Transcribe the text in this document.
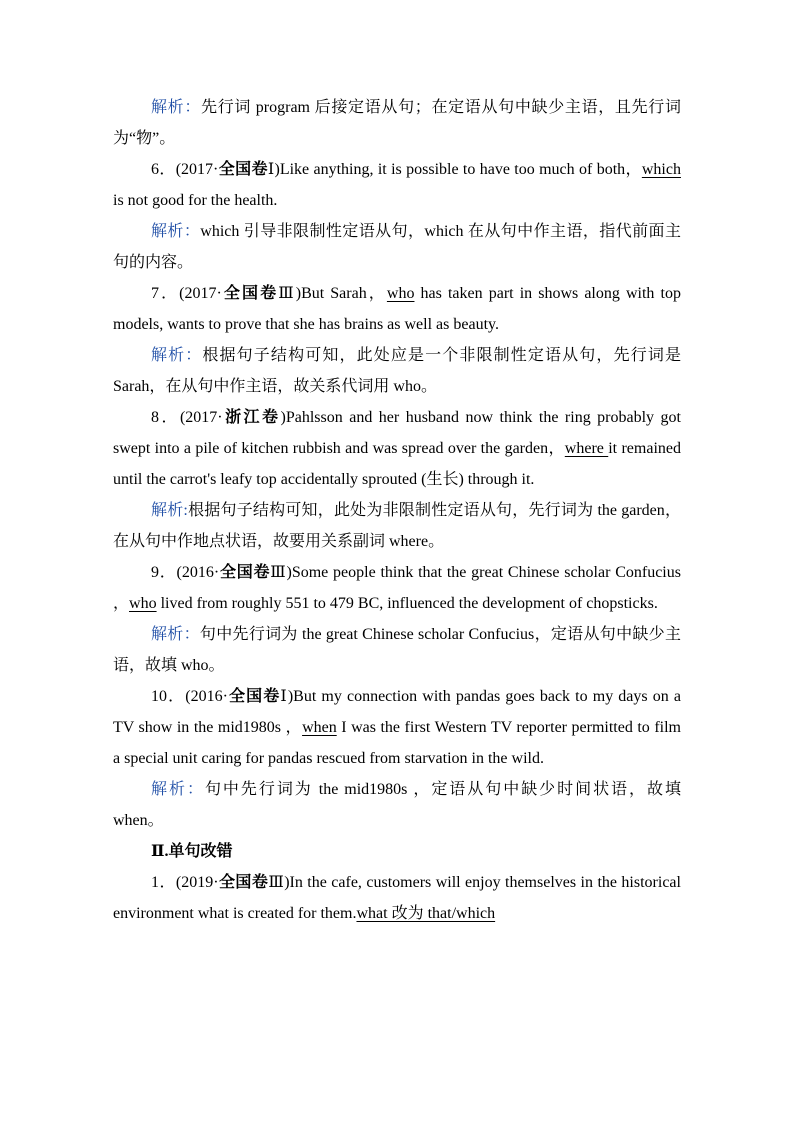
解析：先行词 program 后接定语从句；在定语从句中缺少主语，且先行词为“物”。

6．(2017·全国卷Ⅰ)Like anything, it is possible to have too much of both，which is not good for the health.

解析：which 引导非限制性定语从句，which 在从句中作主语，指代前面主句的内容。

7．(2017·全国卷Ⅲ)But Sarah，who has taken part in shows along with top models, wants to prove that she has brains as well as beauty.

解析：根据句子结构可知，此处应是一个非限制性定语从句，先行词是 Sarah，在从句中作主语，故关系代词用 who。

8．(2017·浙江卷)Pahlsson and her husband now think the ring probably got swept into a pile of kitchen rubbish and was spread over the garden，where it remained until the carrot's leafy top accidentally sprouted (生长) through it.

解析:根据句子结构可知，此处为非限制性定语从句，先行词为 the garden，在从句中作地点状语，故要用关系副词 where。

9．(2016·全国卷Ⅲ)Some people think that the great Chinese scholar Confucius ，who lived from roughly 551 to 479 BC, influenced the development of chopsticks.

解析：句中先行词为 the great Chinese scholar Confucius，定语从句中缺少主语，故填 who。

10．(2016·全国卷Ⅰ)But my connection with pandas goes back to my days on a TV show in the mid1980s ，when I was the first Western TV reporter permitted to film a special unit caring for pandas rescued from starvation in the wild.

解析：句中先行词为 the mid1980s ，定语从句中缺少时间状语，故填 when。

Ⅱ.单句改错

1．(2019·全国卷Ⅲ)In the cafe, customers will enjoy themselves in the historical environment what is created for them.what 改为 that/which
